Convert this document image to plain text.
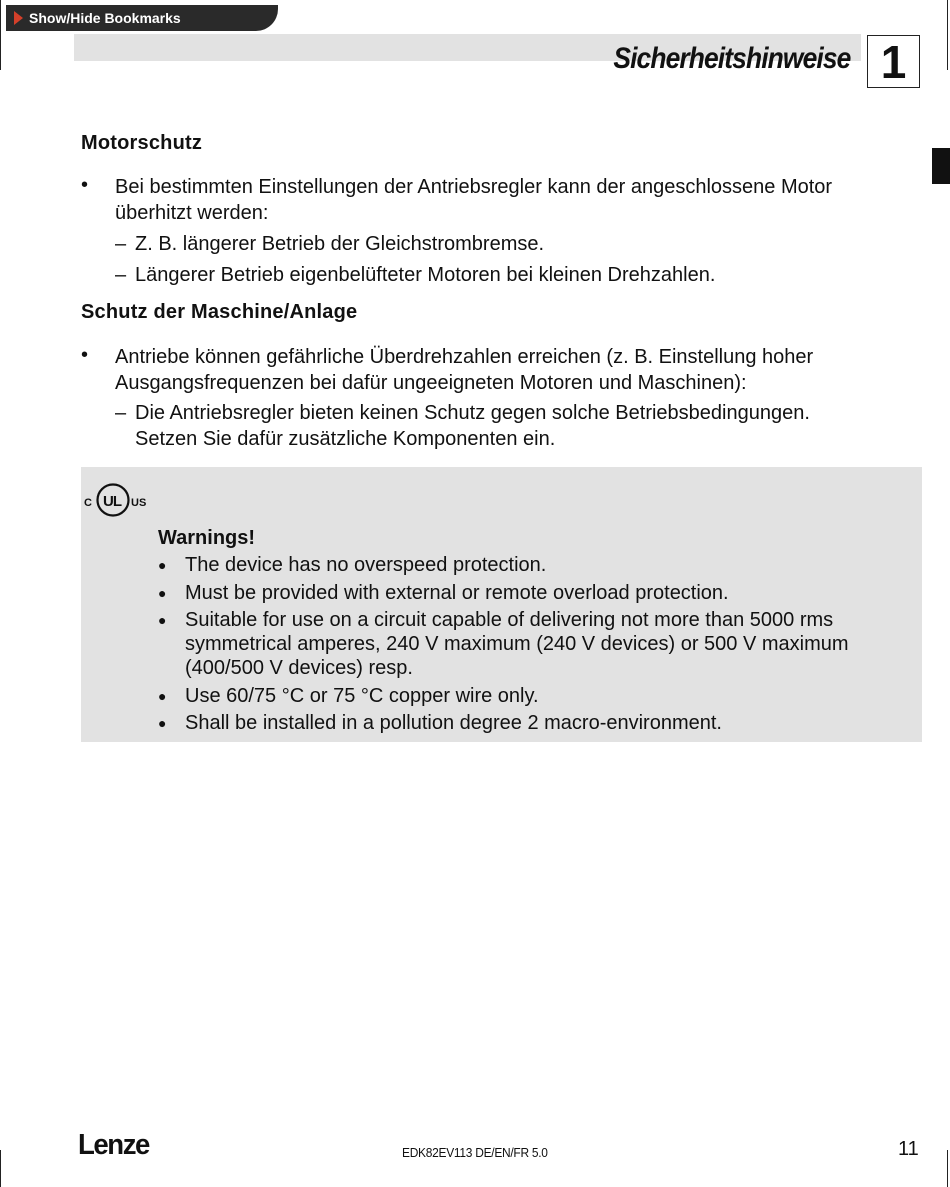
Show/Hide Bookmarks
Sicherheitshinweise 1
Motorschutz
• Bei bestimmten Einstellungen der Antriebsregler kann der angeschlossene Motor
überhitzt werden:
– Z. B. längerer Betrieb der Gleichstrombremse.
– Längerer Betrieb eigenbelüfteter Motoren bei kleinen Drehzahlen.
Schutz der Maschine/Anlage
• Antriebe können gefährliche Überdrehzahlen erreichen (z. B. Einstellung hoher
Ausgangsfrequenzen bei dafür ungeeigneten Motoren und Maschinen):
– Die Antriebsregler bieten keinen Schutz gegen solche Betriebsbedingungen.
Setzen Sie dafür zusätzliche Komponenten ein.
C UL US
Warnings!
● The device has no overspeed protection.
● Must be provided with external or remote overload protection.
● Suitable for use on a circuit capable of delivering not more than 5000 rms symmetrical amperes, 240 V maximum (240 V devices) or 500 V maximum (400/500 V devices) resp.
● Use 60/75 °C or 75 °C copper wire only.
● Shall be installed in a pollution degree 2 macro-environment.
Lenze	EDK82EV113 DE/EN/FR 5.0	11
